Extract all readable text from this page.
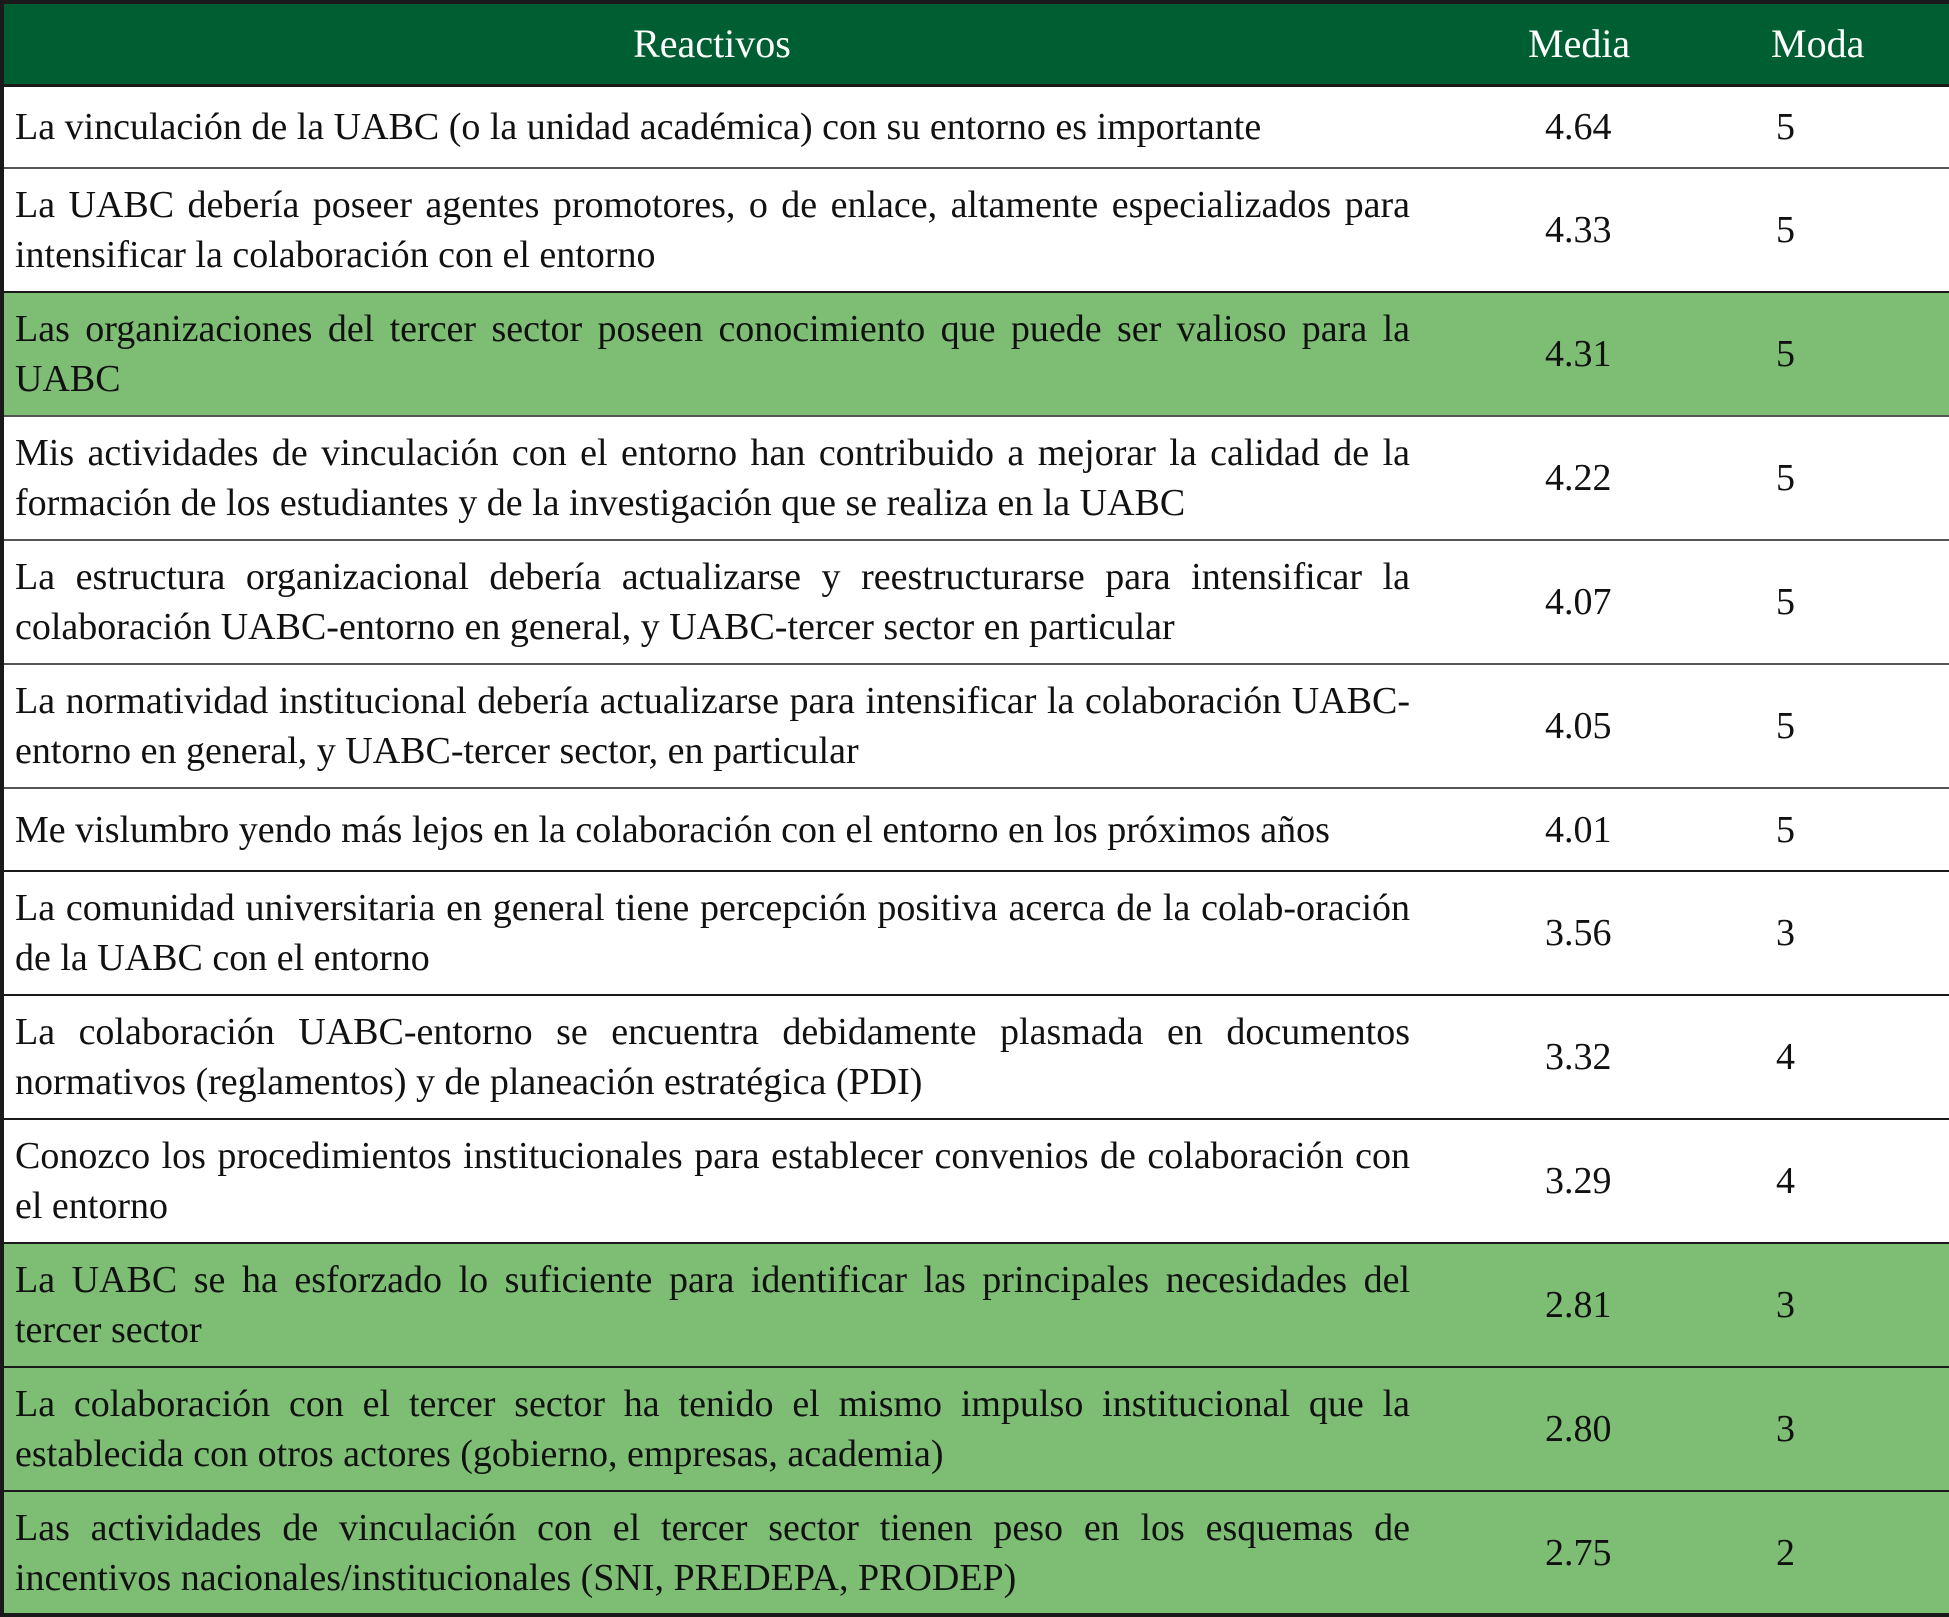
Reactivos	Media	Moda
La vinculación de la UABC (o la unidad académica) con su entorno es importante	4.64	5
La UABC debería poseer agentes promotores, o de enlace, altamente especializados para intensificar la colaboración con el entorno	4.33	5
Las organizaciones del tercer sector poseen conocimiento que puede ser valioso para la UABC	4.31	5
Mis actividades de vinculación con el entorno han contribuido a mejorar la calidad de la formación de los estudiantes y de la investigación que se realiza en la UABC	4.22	5
La estructura organizacional debería actualizarse y reestructurarse para intensificar la colaboración UABC-entorno en general, y UABC-tercer sector en particular	4.07	5
La normatividad institucional debería actualizarse para intensificar la colaboración UABC-entorno en general, y UABC-tercer sector, en particular	4.05	5
Me vislumbro yendo más lejos en la colaboración con el entorno en los próximos años	4.01	5
La comunidad universitaria en general tiene percepción positiva acerca de la colab-oración de la UABC con el entorno	3.56	3
La colaboración UABC-entorno se encuentra debidamente plasmada en documentos normativos (reglamentos) y de planeación estratégica (PDI)	3.32	4
Conozco los procedimientos institucionales para establecer convenios de colaboración con el entorno	3.29	4
La UABC se ha esforzado lo suficiente para identificar las principales necesidades del tercer sector	2.81	3
La colaboración con el tercer sector ha tenido el mismo impulso institucional que la establecida con otros actores (gobierno, empresas, academia)	2.80	3
Las actividades de vinculación con el tercer sector tienen peso en los esquemas de incentivos nacionales/institucionales (SNI, PREDEPA, PRODEP)	2.75	2
